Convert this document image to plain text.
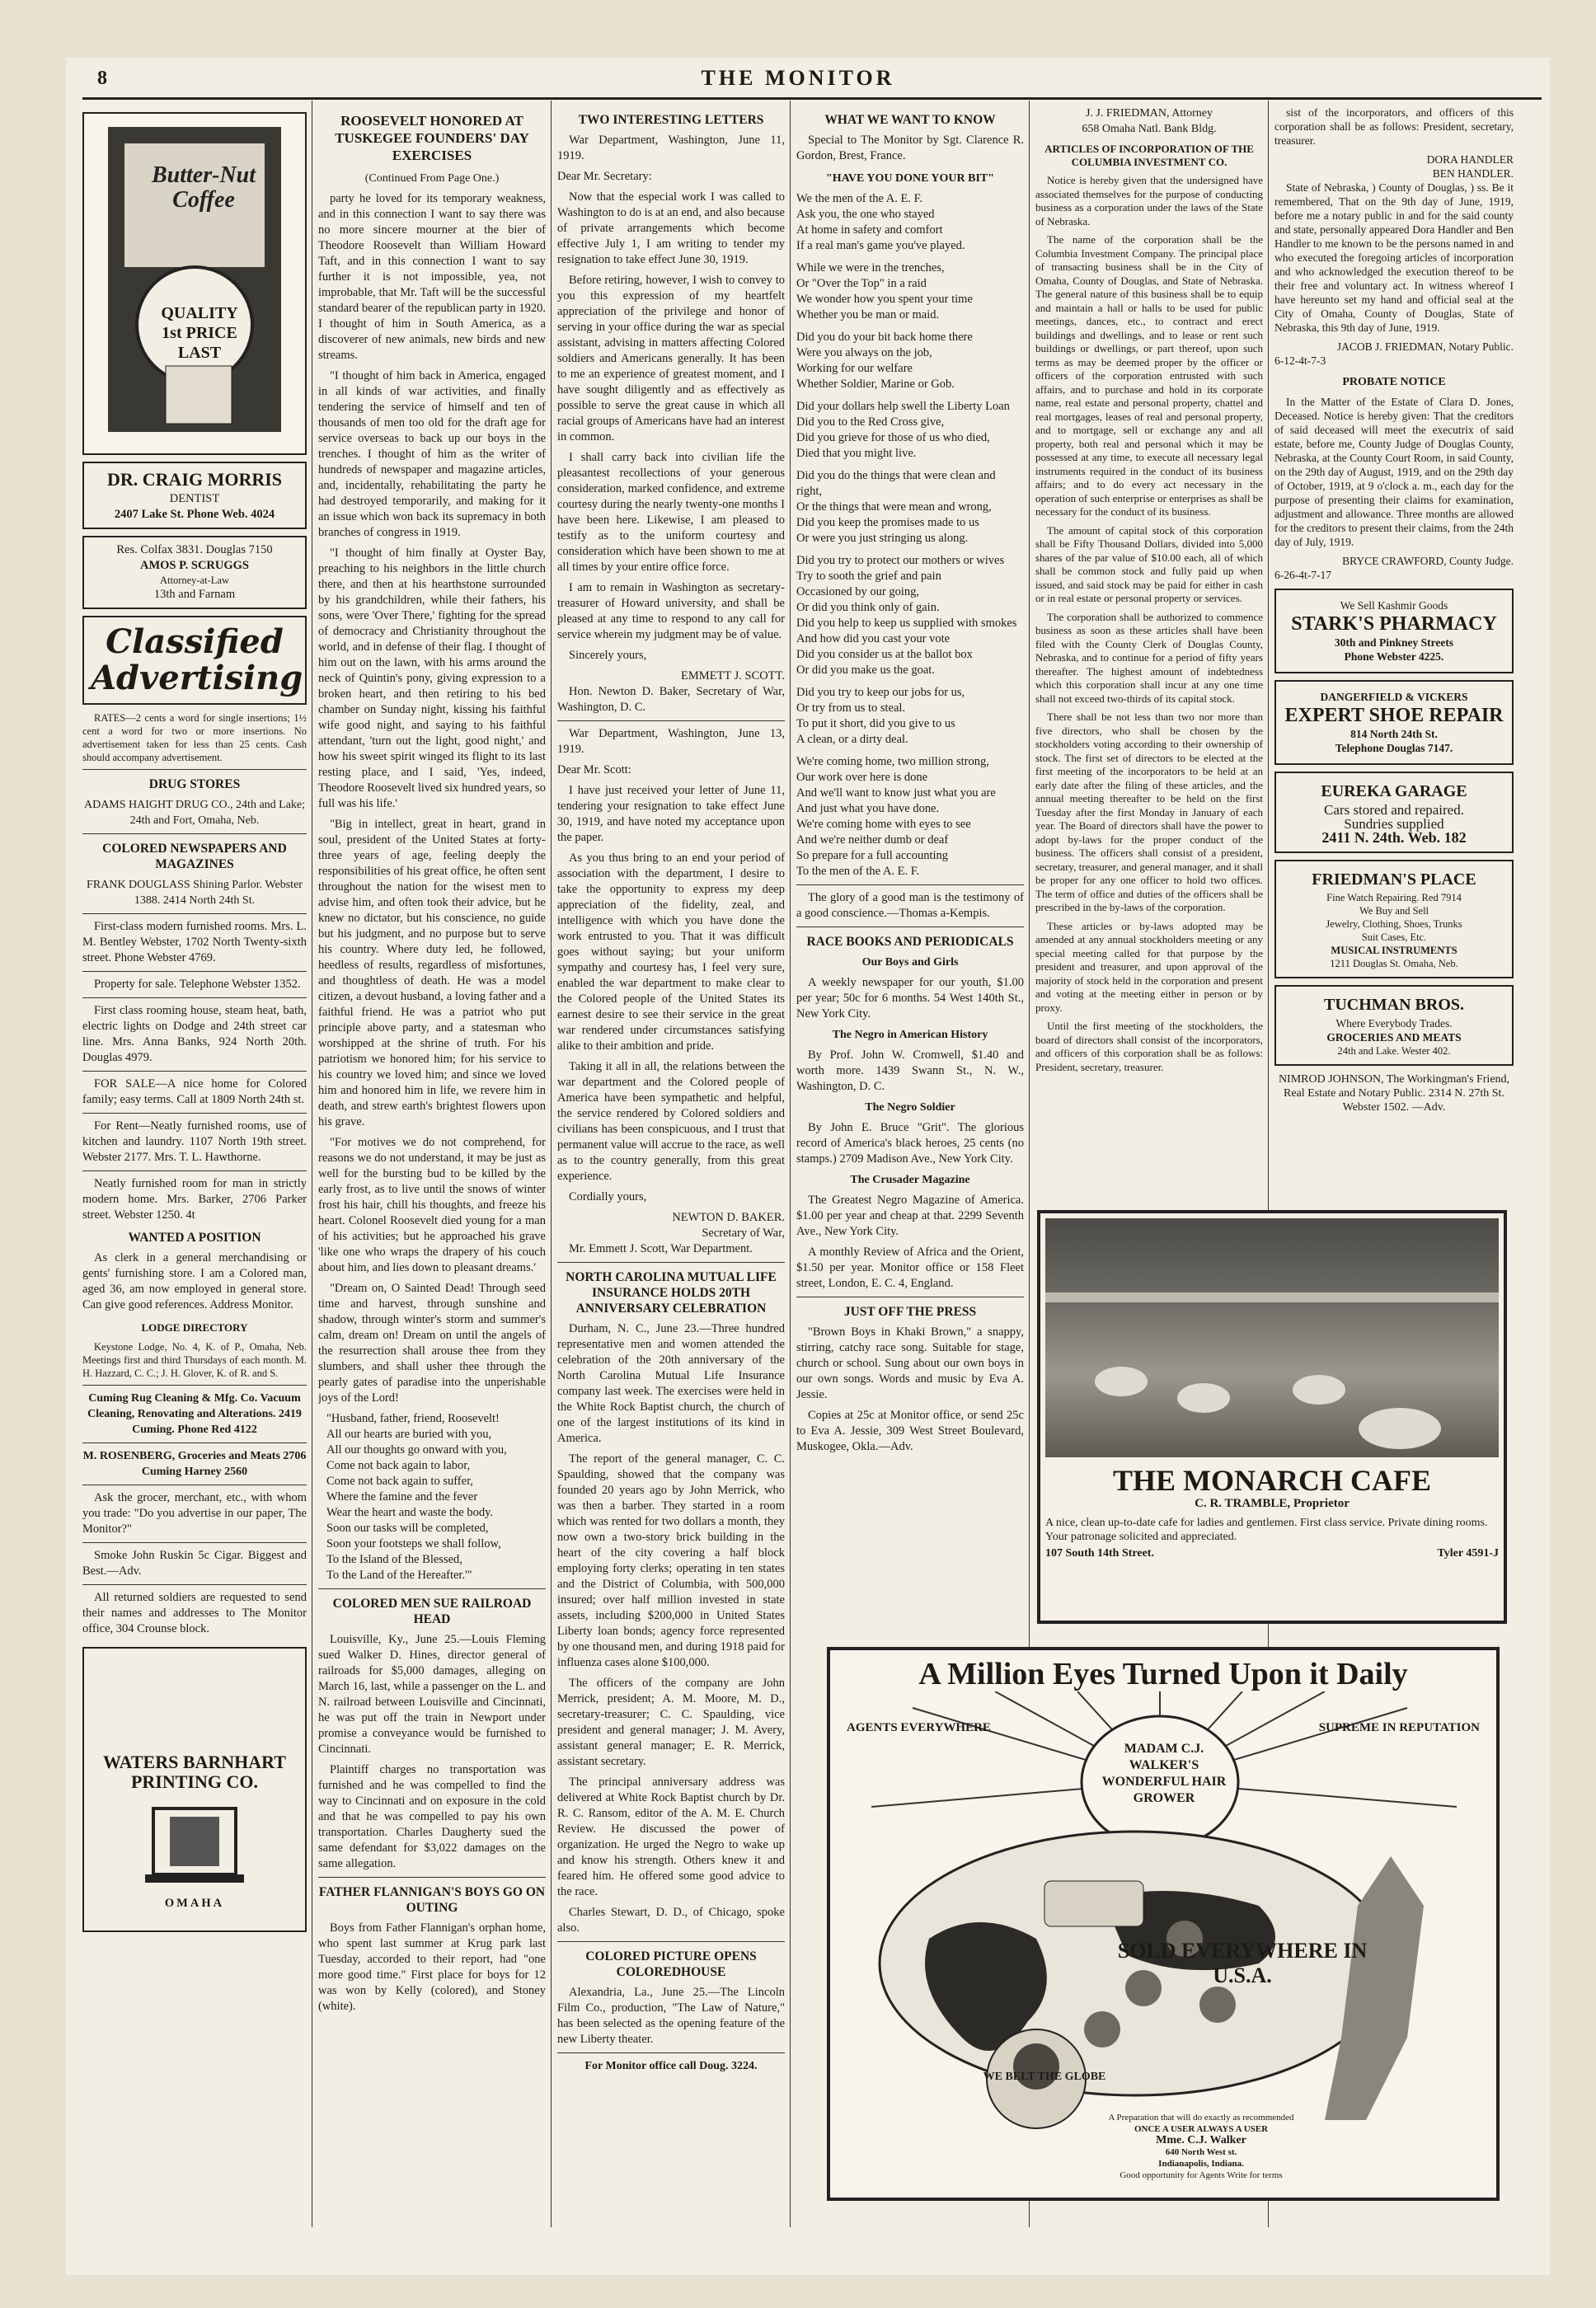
8	THE MONITOR
Butter-Nut Coffee
QUALITY 1st PRICE LAST
DR. CRAIG MORRIS
DENTIST
2407 Lake St. Phone Web. 4024
Res. Colfax 3831. Douglas 7150
AMOS P. SCRUGGS
Attorney-at-Law
13th and Farnam
Classified Advertising

RATES—2 cents a word for single insertions; 1½ cent a word for two or more insertions. No advertisement taken for less than 25 cents. Cash should accompany advertisement.

DRUG STORES
ADAMS HAIGHT DRUG CO., 24th and Lake; 24th and Fort, Omaha, Neb.
COLORED NEWSPAPERS AND MAGAZINES
FRANK DOUGLASS Shining Parlor. Webster 1388. 2414 North 24th St.

First-class modern furnished rooms. Mrs. L. M. Bentley Webster, 1702 North Twenty-sixth street. Phone Webster 4769.

Property for sale. Telephone Webster 1352.

First class rooming house, steam heat, bath, electric lights on Dodge and 24th street car line. Mrs. Anna Banks, 924 North 20th. Douglas 4979.

FOR SALE—A nice home for Colored family; easy terms. Call at 1809 North 24th st.

For Rent—Neatly furnished rooms, use of kitchen and laundry. 1107 North 19th street. Webster 2177. Mrs. T. L. Hawthorne.

Neatly furnished room for man in strictly modern home. Mrs. Barker, 2706 Parker street. Webster 1250. 4t

WANTED A POSITION

As clerk in a general merchandising or gents' furnishing store. I am a Colored man, aged 36, am now employed in general store. Can give good references. Address Monitor.

LODGE DIRECTORY

Keystone Lodge, No. 4, K. of P., Omaha, Neb. Meetings first and third Thursdays of each month. M. H. Hazzard, C. C.; J. H. Glover, K. of R. and S.

Cuming Rug Cleaning & Mfg. Co. Vacuum Cleaning, Renovating and Alterations. 2419 Cuming. Phone Red 4122
M. ROSENBERG, Groceries and Meats 2706 Cuming Harney 2560

Ask the grocer, merchant, etc., with whom you trade: "Do you advertise in our paper, The Monitor?"

Smoke John Ruskin 5c Cigar. Biggest and Best.—Adv.

All returned soldiers are requested to send their names and addresses to The Monitor office, 304 Crounse block.

WATERS BARNHART PRINTING CO.
OMAHA
ROOSEVELT HONORED AT TUSKEGEE FOUNDERS' DAY EXERCISES
(Continued From Page One.)

party he loved for its temporary weakness, and in this connection I want to say there was no more sincere mourner at the bier of Theodore Roosevelt than William Howard Taft, and in this connection I want to say further it is not impossible, yea, not improbable, that Mr. Taft will be the successful standard bearer of the republican party in 1920. I thought of him in South America, as a discoverer of new animals, new birds and new streams.

"I thought of him back in America, engaged in all kinds of war activities, and finally tendering the service of himself and ten of thousands of men too old for the draft age for service overseas to back up our boys in the trenches. I thought of him as the writer of hundreds of newspaper and magazine articles, and, incidentally, rehabilitating the party he had destroyed temporarily, and making for it an issue which won back its supremacy in both branches of congress in 1919.

"I thought of him finally at Oyster Bay, preaching to his neighbors in the little church there, and then at his hearthstone surrounded by his grandchildren, while their fathers, his sons, were 'Over There,' fighting for the spread of democracy and Christianity throughout the world, and in defense of their flag. I thought of him out on the lawn, with his arms around the neck of Quintin's pony, giving expression to a broken heart, and then retiring to his bed chamber on Sunday night, kissing his faithful wife good night, and saying to his faithful attendant, 'turn out the light, good night,' and how his sweet spirit winged its flight to its last resting place, and I said, 'Yes, indeed, Theodore Roosevelt lived six hundred years, so full was his life.'

"Big in intellect, great in heart, grand in soul, president of the United States at forty-three years of age, feeling deeply the responsibilities of his great office, he often sent throughout the nation for the wisest men to advise him, and often took their advice, but he knew no dictator, but his conscience, no guide but his judgment, and no purpose but to serve his country. Where duty led, he followed, heedless of results, regardless of misfortunes, and thoughtless of death. He was a model citizen, a devout husband, a loving father and a faithful friend. He was a patriot who put principle above party, and a statesman who worshipped at the shrine of truth. For his patriotism we honored him; for his service to his country we loved him; and since we loved him and honored him in life, we revere him in death, and strew earth's brightest flowers upon his grave.

"For motives we do not comprehend, for reasons we do not understand, it may be just as well for the bursting bud to be killed by the early frost, as to live until the snows of winter frost his hair, chill his thoughts, and freeze his heart. Colonel Roosevelt died young for a man of his activities; but he approached his grave 'like one who wraps the drapery of his couch about him, and lies down to pleasant dreams.'

"Dream on, O Sainted Dead! Through seed time and harvest, through sunshine and shadow, through winter's storm and summer's calm, dream on! Dream on until the angels of the resurrection shall arouse thee from they slumbers, and shall usher thee through the pearly gates of paradise into the unperishable joys of the Lord!

"Husband, father, friend, Roosevelt!
All our hearts are buried with you,
All our thoughts go onward with you,
Come not back again to labor,
Come not back again to suffer,
Where the famine and the fever
Wear the heart and waste the body.
Soon our tasks will be completed,
Soon your footsteps we shall follow,
To the Island of the Blessed,
To the Land of the Hereafter.'"
COLORED MEN SUE RAILROAD HEAD

Louisville, Ky., June 25.—Louis Fleming sued Walker D. Hines, director general of railroads for $5,000 damages, alleging on March 16, last, while a passenger on the L. and N. railroad between Louisville and Cincinnati, he was put off the train in Newport under promise a conveyance would be furnished to Cincinnati.

Plaintiff charges no transportation was furnished and he was compelled to find the way to Cincinnati and on exposure in the cold and that he was compelled to pay his own transportation. Charles Daugherty sued the same defendant for $3,022 damages on the same allegation.

FATHER FLANNIGAN'S BOYS GO ON OUTING

Boys from Father Flannigan's orphan home, who spent last summer at Krug park last Tuesday, accorded to their report, had "one more good time." First place for boys for 12 was won by Kelly (colored), and Stoney (white).

TWO INTERESTING LETTERS

War Department, Washington, June 11, 1919.

Dear Mr. Secretary:

Now that the especial work I was called to Washington to do is at an end, and also because of private arrangements which become effective July 1, I am writing to tender my resignation to take effect June 30, 1919.

Before retiring, however, I wish to convey to you this expression of my heartfelt appreciation of the privilege and honor of serving in your office during the war as special assistant, advising in matters affecting Colored soldiers and Americans generally. It has been to me an experience of greatest moment, and I have sought diligently and as effectively as possible to serve the great cause in which all racial groups of Americans have had an interest in common.

I shall carry back into civilian life the pleasantest recollections of your generous consideration, marked confidence, and extreme courtesy during the nearly twenty-one months I have been here. Likewise, I am pleased to testify as to the uniform courtesy and consideration which have been shown to me at all times by your entire office force.

I am to remain in Washington as secretary-treasurer of Howard university, and shall be pleased at any time to respond to any call for service wherein my judgment may be of value.

Sincerely yours,

EMMETT J. SCOTT.

Hon. Newton D. Baker, Secretary of War, Washington, D. C.

War Department, Washington, June 13, 1919.

Dear Mr. Scott:

I have just received your letter of June 11, tendering your resignation to take effect June 30, 1919, and have noted my acceptance upon the paper.

As you thus bring to an end your period of association with the department, I desire to take the opportunity to express my deep appreciation of the fidelity, zeal, and intelligence with which you have done the work entrusted to you. That it was difficult goes without saying; but your uniform sympathy and courtesy has, I feel very sure, enabled the war department to make clear to the Colored people of the United States its earnest desire to see their service in the great war rendered under circumstances satisfying alike to their ambition and pride.

Taking it all in all, the relations between the war department and the Colored people of America have been sympathetic and helpful, the service rendered by Colored soldiers and civilians has been conspicuous, and I trust that permanent value will accrue to the race, as well as to the country generally, from this great experience.

Cordially yours,

NEWTON D. BAKER.
Secretary of War,

Mr. Emmett J. Scott, War Department.

NORTH CAROLINA MUTUAL LIFE INSURANCE HOLDS 20TH ANNIVERSARY CELEBRATION

Durham, N. C., June 23.—Three hundred representative men and women attended the celebration of the 20th anniversary of the North Carolina Mutual Life Insurance company last week. The exercises were held in the White Rock Baptist church, the church of one of the largest institutions of its kind in America.

The report of the general manager, C. C. Spaulding, showed that the company was founded 20 years ago by John Merrick, who was then a barber. They started in a room which was rented for two dollars a month, they now own a two-story brick building in the heart of the city covering a half block employing forty clerks; operating in ten states and the District of Columbia, with 500,000 insured; over half million invested in state assets, including $200,000 in United States Liberty loan bonds; agency force represented by one thousand men, and during 1918 paid for influenza cases alone $100,000.

The officers of the company are John Merrick, president; A. M. Moore, M. D., secretary-treasurer; C. C. Spaulding, vice president and general manager; J. M. Avery, assistant general manager; E. R. Merrick, assistant secretary.

The principal anniversary address was delivered at White Rock Baptist church by Dr. R. C. Ransom, editor of the A. M. E. Church Review. He discussed the power of organization. He urged the Negro to wake up and know his strength. Others knew it and feared him. He offered some good advice to the race.

Charles Stewart, D. D., of Chicago, spoke also.

COLORED PICTURE OPENS COLOREDHOUSE

Alexandria, La., June 25.—The Lincoln Film Co., production, "The Law of Nature," has been selected as the opening feature of the new Liberty theater.

For Monitor office call Doug. 3224.
WHAT WE WANT TO KNOW

Special to The Monitor by Sgt. Clarence R. Gordon, Brest, France.

"HAVE YOU DONE YOUR BIT"
We the men of the A. E. F.
Ask you, the one who stayed
At home in safety and comfort
If a real man's game you've played.
While we were in the trenches,
Or "Over the Top" in a raid
We wonder how you spent your time
Whether you be man or maid.
Did you do your bit back home there
Were you always on the job,
Working for our welfare
Whether Soldier, Marine or Gob.
Did your dollars help swell the Liberty Loan
Did you to the Red Cross give,
Did you grieve for those of us who died,
Died that you might live.
Did you do the things that were clean and right,
Or the things that were mean and wrong,
Did you keep the promises made to us
Or were you just stringing us along.
Did you try to protect our mothers or wives
Try to sooth the grief and pain
Occasioned by our going,
Or did you think only of gain.
Did you help to keep us supplied with smokes
And how did you cast your vote
Did you consider us at the ballot box
Or did you make us the goat.
Did you try to keep our jobs for us,
Or try from us to steal.
To put it short, did you give to us
A clean, or a dirty deal.
We're coming home, two million strong,
Our work over here is done
And we'll want to know just what you are
And just what you have done.
We're coming home with eyes to see
And we're neither dumb or deaf
So prepare for a full accounting
To the men of the A. E. F.

The glory of a good man is the testimony of a good conscience.—Thomas a-Kempis.

RACE BOOKS AND PERIODICALS
Our Boys and Girls

A weekly newspaper for our youth, $1.00 per year; 50c for 6 months. 54 West 140th St., New York City.

The Negro in American History

By Prof. John W. Cromwell, $1.40 and worth more. 1439 Swann St., N. W., Washington, D. C.

The Negro Soldier

By John E. Bruce "Grit". The glorious record of America's black heroes, 25 cents (no stamps.) 2709 Madison Ave., New York City.

The Crusader Magazine

The Greatest Negro Magazine of America. $1.00 per year and cheap at that. 2299 Seventh Ave., New York City.

A monthly Review of Africa and the Orient, $1.50 per year. Monitor office or 158 Fleet street, London, E. C. 4, England.

JUST OFF THE PRESS

"Brown Boys in Khaki Brown," a snappy, stirring, catchy race song. Suitable for stage, church or school. Sung about our own boys in our own songs. Words and music by Eva A. Jessie.

Copies at 25c at Monitor office, or send 25c to Eva A. Jessie, 309 West Street Boulevard, Muskogee, Okla.—Adv.

J. J. FRIEDMAN, Attorney
658 Omaha Natl. Bank Bldg.
ARTICLES OF INCORPORATION OF THE COLUMBIA INVESTMENT CO.

Notice is hereby given that the undersigned have associated themselves for the purpose of conducting business as a corporation under the laws of the State of Nebraska.

The name of the corporation shall be the Columbia Investment Company. The principal place of transacting business shall be in the City of Omaha, County of Douglas, and State of Nebraska. The general nature of this business shall be to equip and maintain a hall or halls to be used for public meetings, dances, etc., to contract and erect buildings and dwellings, and to lease or rent such buildings or dwellings, or part thereof, upon such terms as may be deemed proper by the officer or officers of the corporation entrusted with such affairs, and to purchase and hold in its corporate name, real estate and personal property, chattel and real mortgages, leases of real and personal property, and to mortgage, sell or exchange any and all property, both real and personal which it may be possessed at any time, to execute all necessary legal instruments required in the conduct of its business affairs; and to do every act necessary in the operation of such enterprise or enterprises as shall be necessary for the conduct of its business.

The amount of capital stock of this corporation shall be Fifty Thousand Dollars, divided into 5,000 shares of the par value of $10.00 each, all of which shall be common stock and fully paid up when issued, and said stock may be paid for either in cash or in real estate or personal property or services.

The corporation shall be authorized to commence business as soon as these articles shall have been filed with the County Clerk of Douglas County, Nebraska, and to continue for a period of fifty years thereafter. The highest amount of indebtedness which this corporation shall incur at any one time shall not exceed two-thirds of its capital stock.

There shall be not less than two nor more than five directors, who shall be chosen by the stockholders voting according to their ownership of stock. The first set of directors to be elected at the first meeting of the incorporators to be held at an early date after the filing of these articles, and the annual meeting thereafter to be held on the first Tuesday after the first Monday in January of each year. The Board of directors shall have the power to adopt by-laws for the proper conduct of the business. The officers shall consist of a president, secretary, treasurer, and general manager, and it shall be proper for any one officer to hold two offices. The term of office and duties of the officers shall be prescribed in the by-laws of the corporation.

These articles or by-laws adopted may be amended at any annual stockholders meeting or any special meeting called for that purpose by the president and treasurer, and upon approval of the majority of stock held in the corporation and present and voting at the meeting either in person or by proxy.

Until the first meeting of the stockholders, the board of directors shall consist of the incorporators, and officers of this corporation shall be as follows: President, secretary, treasurer.

sist of the incorporators, and officers of this corporation shall be as follows: President, secretary, treasurer.

DORA HANDLER
BEN HANDLER.

State of Nebraska, ) County of Douglas, ) ss. Be it remembered, That on the 9th day of June, 1919, before me a notary public in and for the said county and state, personally appeared Dora Handler and Ben Handler to me known to be the persons named in and who executed the foregoing articles of incorporation and who acknowledged the execution thereof to be their free and voluntary act. In witness whereof I have hereunto set my hand and official seal at the City of Omaha, County of Douglas, State of Nebraska, this 9th day of June, 1919.

JACOB J. FRIEDMAN, Notary Public.
6-12-4t-7-3
PROBATE NOTICE

In the Matter of the Estate of Clara D. Jones, Deceased. Notice is hereby given: That the creditors of said deceased will meet the executrix of said estate, before me, County Judge of Douglas County, Nebraska, at the County Court Room, in said County, on the 29th day of August, 1919, and on the 29th day of October, 1919, at 9 o'clock a. m., each day for the purpose of presenting their claims for examination, adjustment and allowance. Three months are allowed for the creditors to present their claims, from the 24th day of July, 1919.

BRYCE CRAWFORD, County Judge.
6-26-4t-7-17
We Sell Kashmir Goods
STARK'S PHARMACY
30th and Pinkney Streets
Phone Webster 4225.
DANGERFIELD & VICKERS
EXPERT SHOE REPAIR
814 North 24th St.
Telephone Douglas 7147.
EUREKA GARAGE
Cars stored and repaired.
Sundries supplied
2411 N. 24th. Web. 182
FRIEDMAN'S PLACE
Fine Watch Repairing. Red 7914
We Buy and Sell
Jewelry, Clothing, Shoes, Trunks
Suit Cases, Etc.
MUSICAL INSTRUMENTS
1211 Douglas St. Omaha, Neb.
TUCHMAN BROS.
Where Everybody Trades.
GROCERIES AND MEATS
24th and Lake. Wester 402.
NIMROD JOHNSON, The Workingman's Friend, Real Estate and Notary Public. 2314 N. 27th St. Webster 1502. —Adv.
THE MONARCH CAFE
C. R. TRAMBLE, Proprietor
A nice, clean up-to-date cafe for ladies and gentlemen. First class service. Private dining rooms. Your patronage solicited and appreciated.
107 South 14th Street.	Tyler 4591-J
A Million Eyes Turned Upon it Daily
AGENTS EVERYWHERE	SUPREME IN REPUTATION
MADAM C.J. WALKER'S WONDERFUL HAIR GROWER
WE BELT THE GLOBE
SOLD EVERYWHERE IN U.S.A.
A Preparation that will do exactly as recommended
ONCE A USER ALWAYS A USER
Mme. C.J. Walker
640 North West st.
Indianapolis, Indiana.
Good opportunity for Agents Write for terms
